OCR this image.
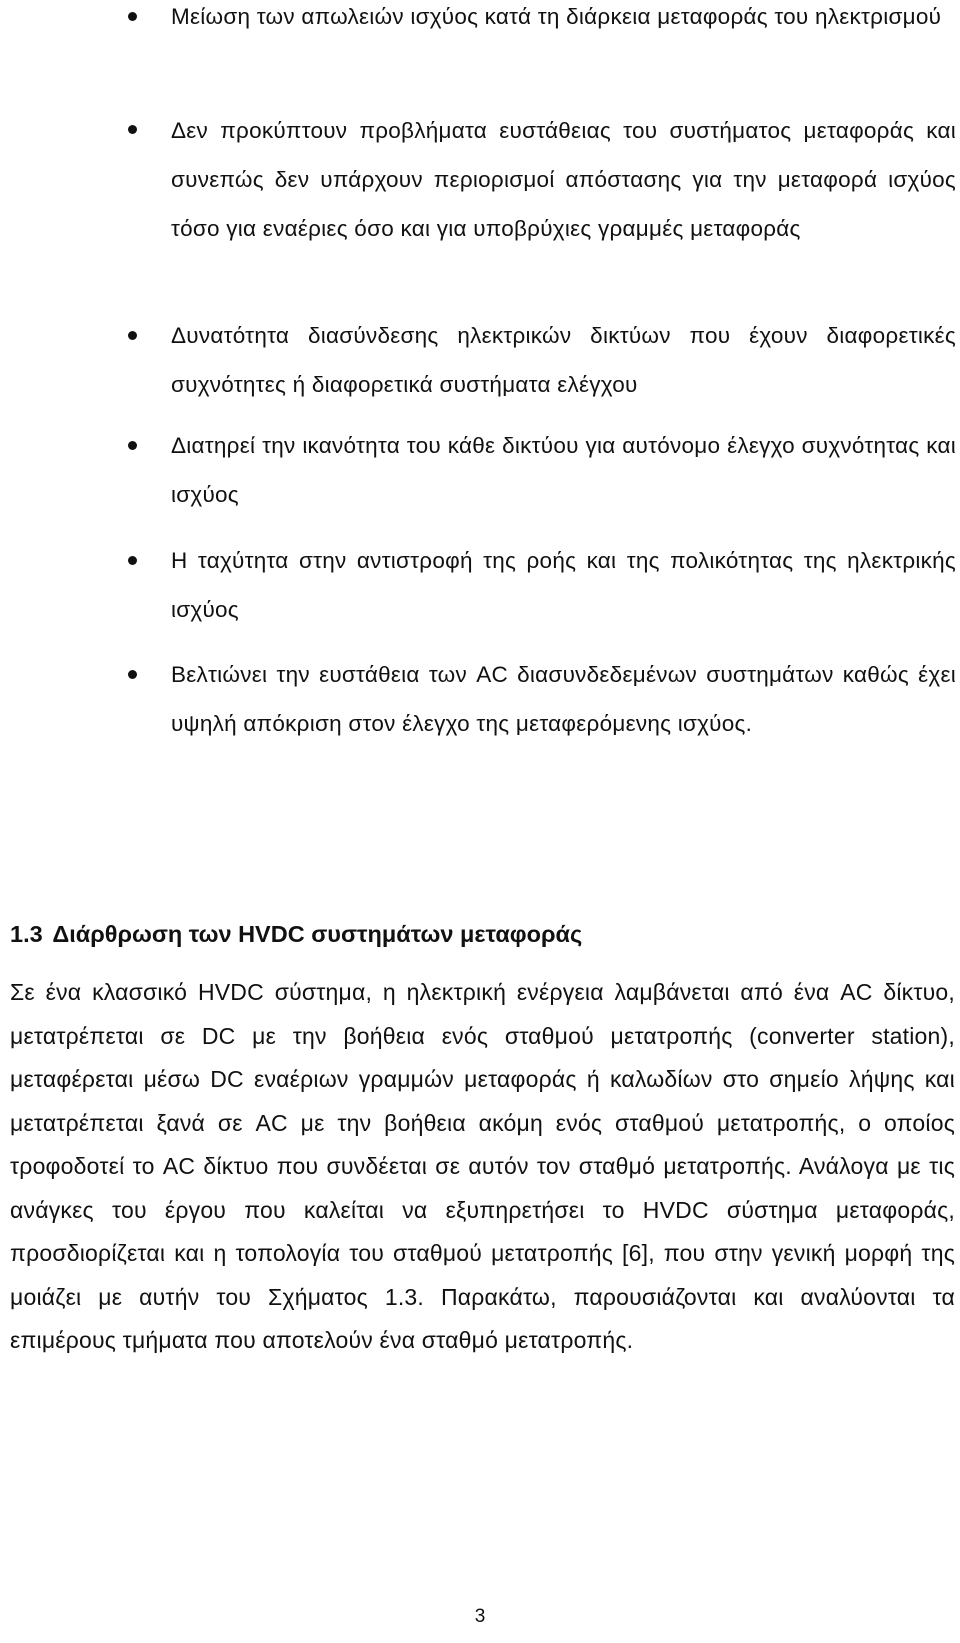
Μείωση των απωλειών ισχύος κατά τη διάρκεια μεταφοράς του ηλεκτρισμού
Δεν προκύπτουν προβλήματα ευστάθειας του συστήματος μεταφοράς και συνεπώς δεν υπάρχουν περιορισμοί απόστασης για την μεταφορά ισχύος τόσο για εναέριες όσο και για υποβρύχιες γραμμές μεταφοράς
Δυνατότητα διασύνδεσης ηλεκτρικών δικτύων που έχουν διαφορετικές συχνότητες ή διαφορετικά συστήματα ελέγχου
Διατηρεί την ικανότητα του κάθε δικτύου για αυτόνομο έλεγχο συχνότητας και ισχύος
Η ταχύτητα στην αντιστροφή της ροής και της πολικότητας της ηλεκτρικής ισχύος
Βελτιώνει την ευστάθεια των AC διασυνδεδεμένων συστημάτων καθώς έχει υψηλή απόκριση στον έλεγχο της μεταφερόμενης ισχύος.
1.3 Διάρθρωση των HVDC συστημάτων μεταφοράς

Σε ένα κλασσικό HVDC σύστημα, η ηλεκτρική ενέργεια λαμβάνεται από ένα AC δίκτυο, μετατρέπεται σε DC με την βοήθεια ενός σταθμού μετατροπής (converter station), μεταφέρεται μέσω DC εναέριων γραμμών μεταφοράς ή καλωδίων στο σημείο λήψης και μετατρέπεται ξανά σε AC με την βοήθεια ακόμη ενός σταθμού μετατροπής, ο οποίος τροφοδοτεί το AC δίκτυο που συνδέεται σε αυτόν τον σταθμό μετατροπής. Ανάλογα με τις ανάγκες του έργου που καλείται να εξυπηρετήσει το HVDC σύστημα μεταφοράς, προσδιορίζεται και η τοπολογία του σταθμού μετατροπής [6], που στην γενική μορφή της μοιάζει με αυτήν του Σχήματος 1.3. Παρακάτω, παρουσιάζονται και αναλύονται τα επιμέρους τμήματα που αποτελούν ένα σταθμό μετατροπής.

3
